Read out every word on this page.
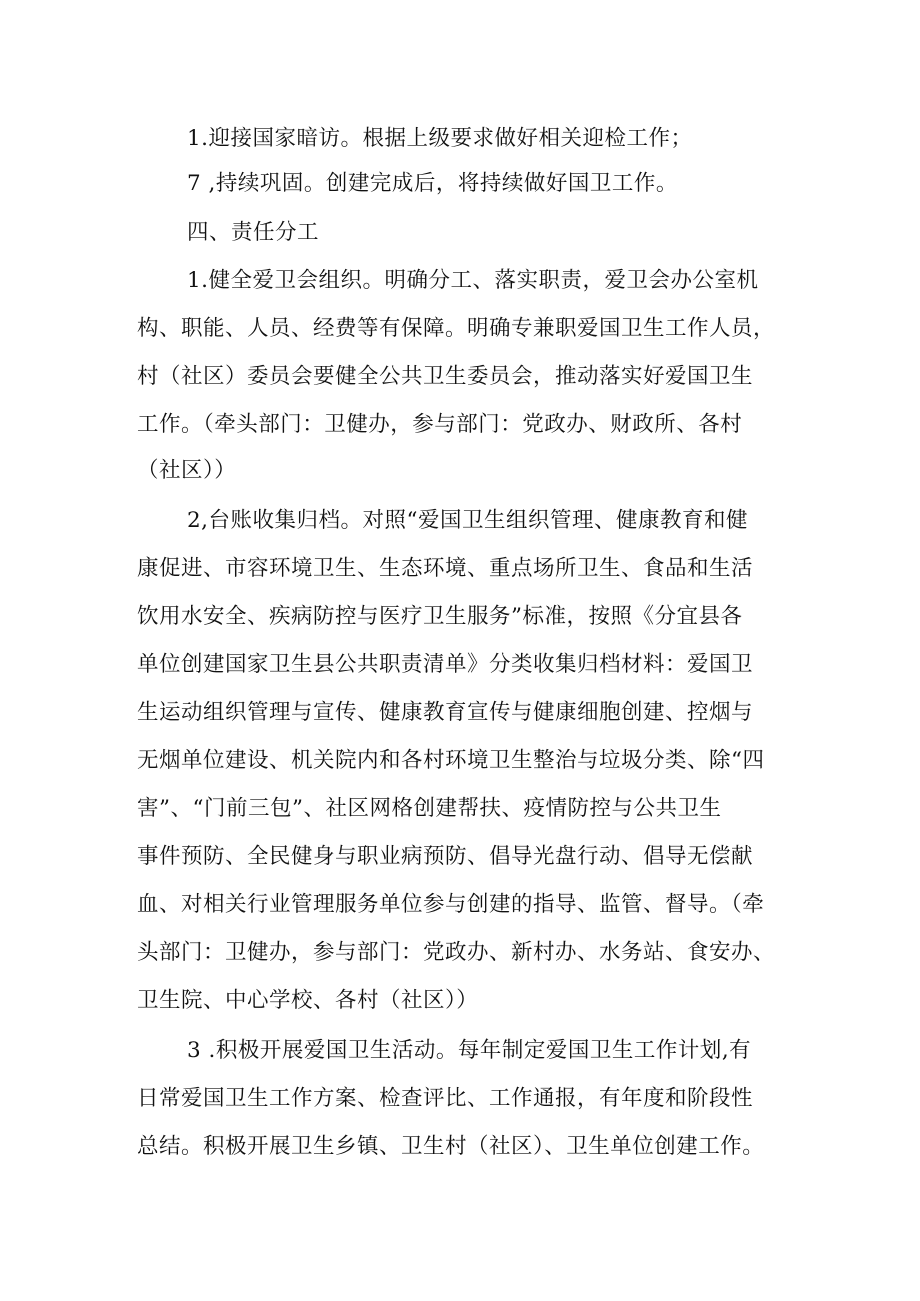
1.迎接国家暗访。根据上级要求做好相关迎检工作；
7 ,持续巩固。创建完成后，将持续做好国卫工作。
四、责任分工
1.健全爱卫会组织。明确分工、落实职责，爱卫会办公室机
构、职能、人员、经费等有保障。明确专兼职爱国卫生工作人员，
村（社区）委员会要健全公共卫生委员会，推动落实好爱国卫生
工作。（牵头部门：卫健办，参与部门：党政办、财政所、各村
（社区））
2,台账收集归档。对照“爱国卫生组织管理、健康教育和健
康促进、市容环境卫生、生态环境、重点场所卫生、食品和生活
饮用水安全、疾病防控与医疗卫生服务”标准，按照《分宜县各
单位创建国家卫生县公共职责清单》分类收集归档材料：爱国卫
生运动组织管理与宣传、健康教育宣传与健康细胞创建、控烟与
无烟单位建设、机关院内和各村环境卫生整治与垃圾分类、除“四
害”、“门前三包”、社区网格创建帮扶、疫情防控与公共卫生
事件预防、全民健身与职业病预防、倡导光盘行动、倡导无偿献
血、对相关行业管理服务单位参与创建的指导、监管、督导。（牵
头部门：卫健办，参与部门：党政办、新村办、水务站、食安办、
卫生院、中心学校、各村（社区））
3 .积极开展爱国卫生活动。每年制定爱国卫生工作计划,有
日常爱国卫生工作方案、检查评比、工作通报，有年度和阶段性
总结。积极开展卫生乡镇、卫生村（社区）、卫生单位创建工作。
